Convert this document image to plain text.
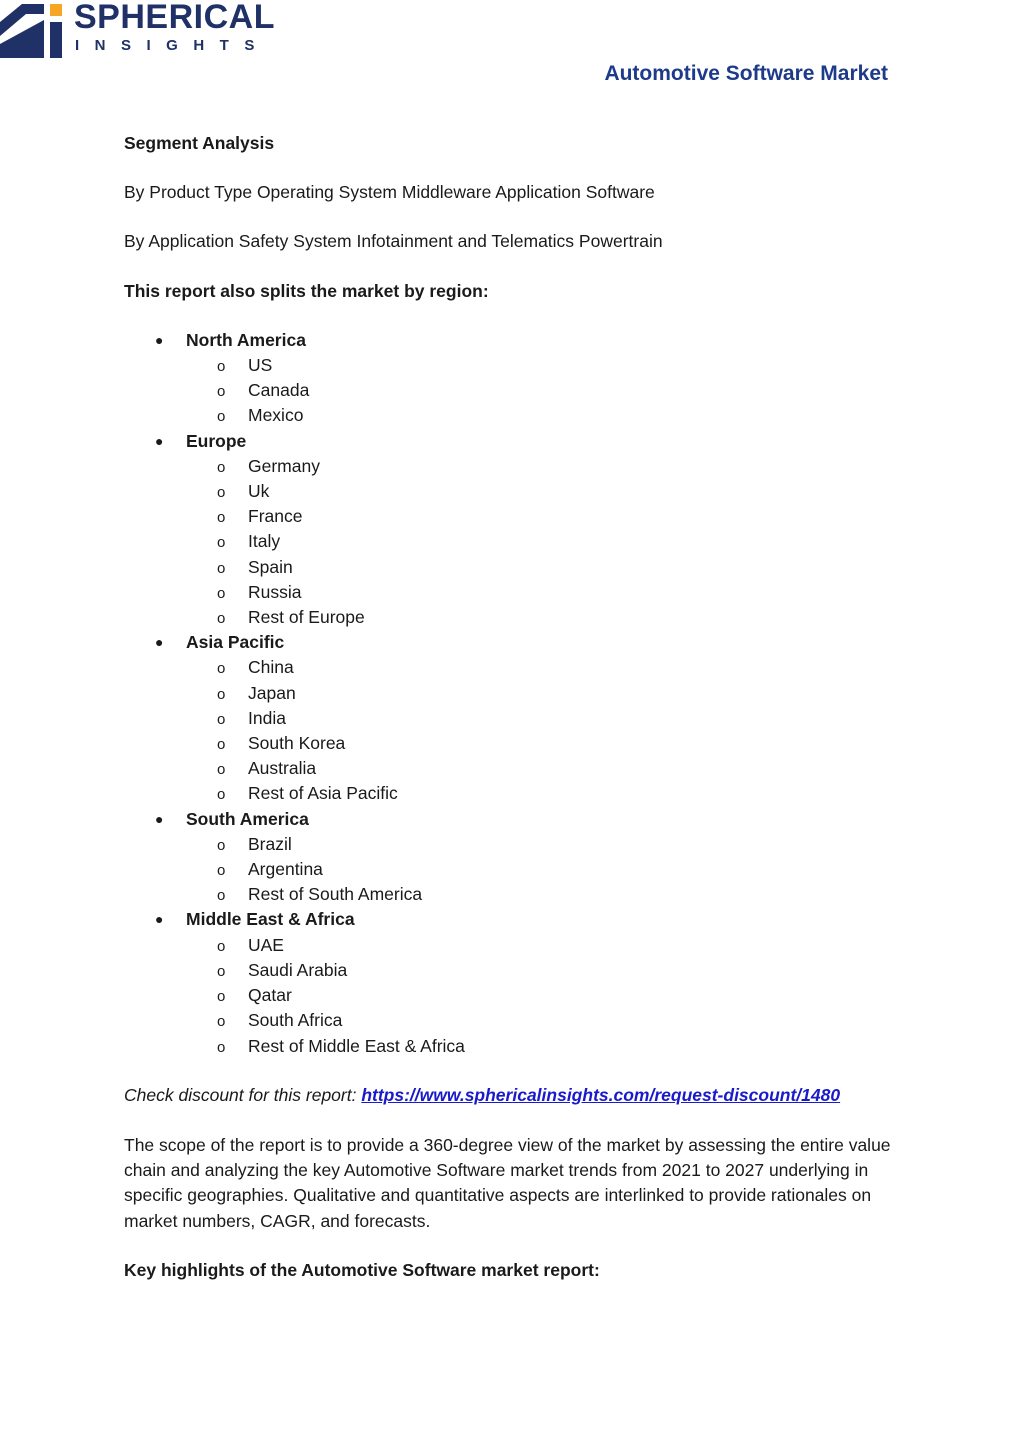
SPHERICAL
INSIGHTS
Automotive Software Market

Segment Analysis

By Product Type Operating System Middleware Application Software

By Application Safety System Infotainment and Telematics Powertrain

This report also splits the market by region:

● North America
o US
o Canada
o Mexico
● Europe
o Germany
o Uk
o France
o Italy
o Spain
o Russia
o Rest of Europe
● Asia Pacific
o China
o Japan
o India
o South Korea
o Australia
o Rest of Asia Pacific
● South America
o Brazil
o Argentina
o Rest of South America
● Middle East & Africa
o UAE
o Saudi Arabia
o Qatar
o South Africa
o Rest of Middle East & Africa

Check discount for this report: https://www.sphericalinsights.com/request-discount/1480

The scope of the report is to provide a 360-degree view of the market by assessing the entire value chain and analyzing the key Automotive Software market trends from 2021 to 2027 underlying in specific geographies. Qualitative and quantitative aspects are interlinked to provide rationales on market numbers, CAGR, and forecasts.

Key highlights of the Automotive Software market report:
